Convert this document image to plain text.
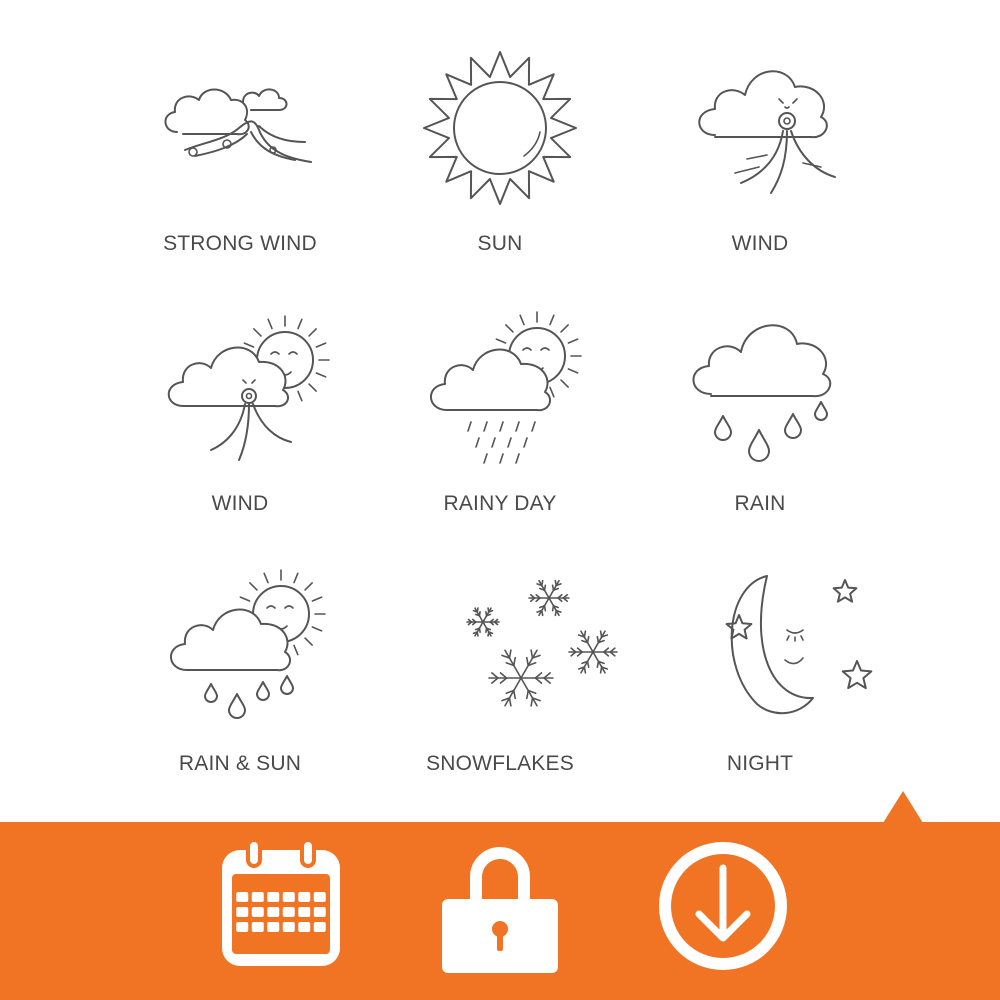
STRONG WIND	SUN	WIND
WIND	RAINY DAY	RAIN
RAIN & SUN	SNOWFLAKES	NIGHT
